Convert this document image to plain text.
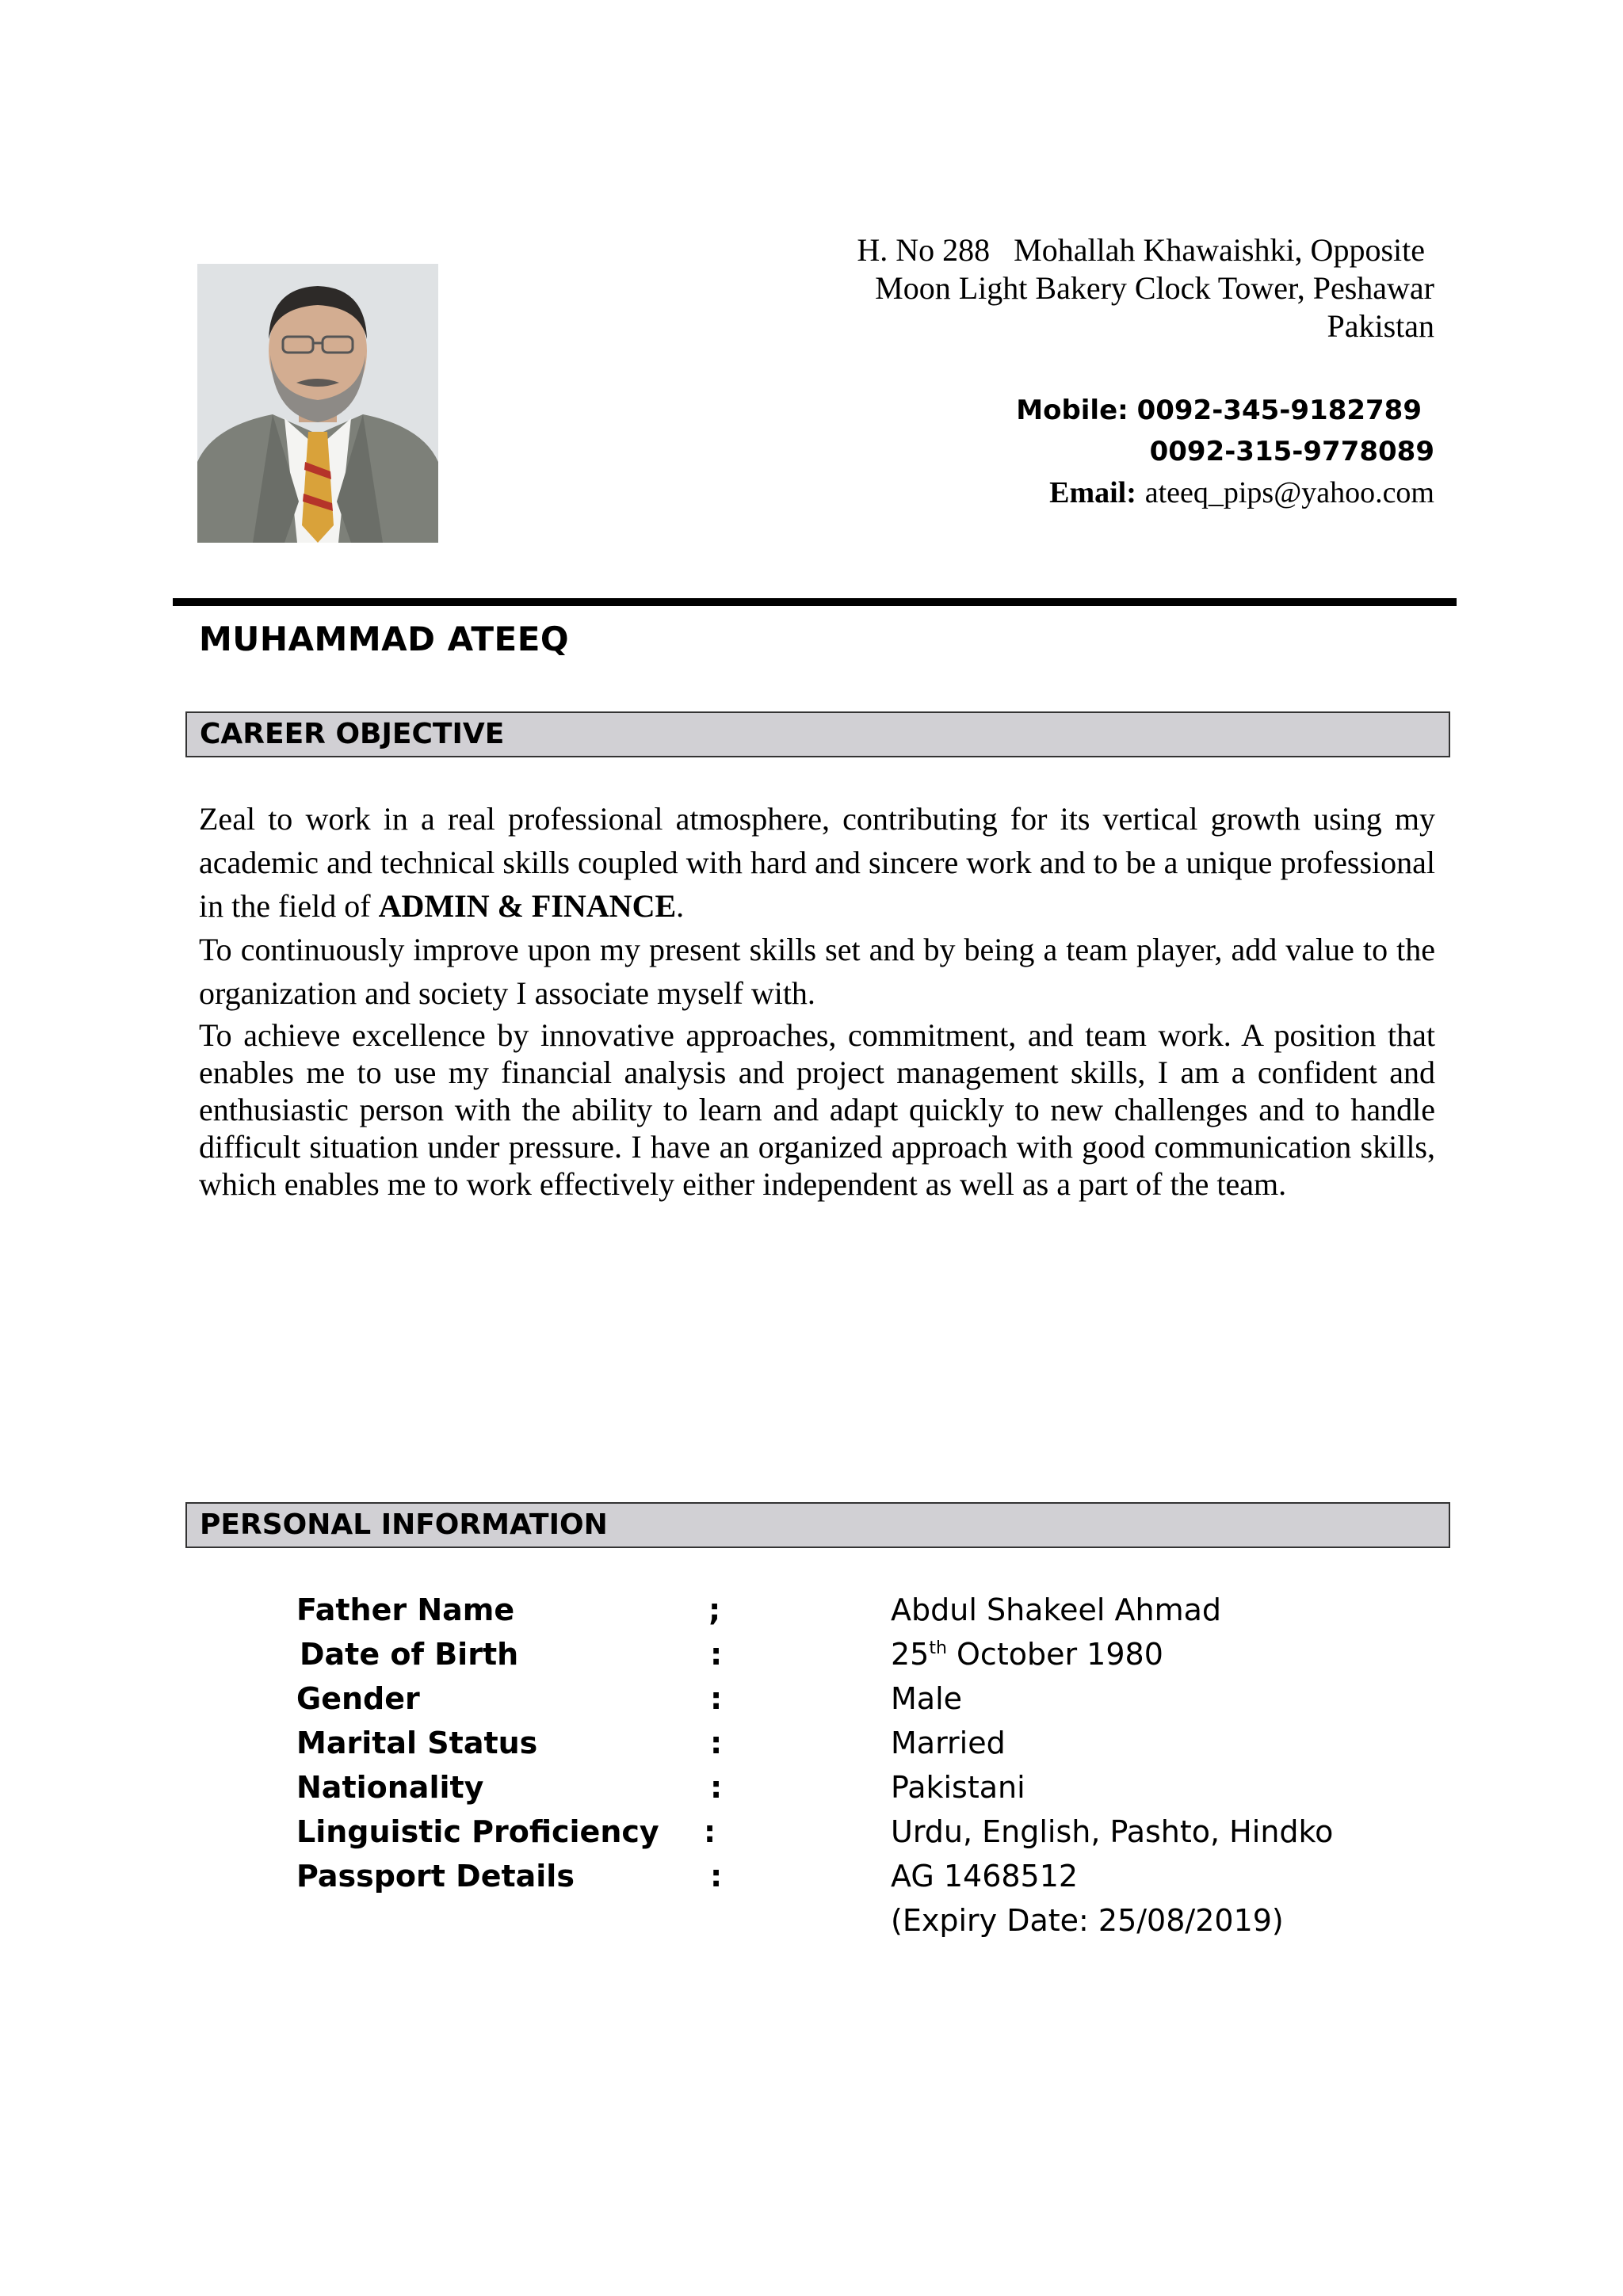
H. No 288   Mohallah Khawaishki, Opposite
Moon Light Bakery Clock Tower, Peshawar
Pakistan
Mobile: 0092-345-9182789
0092-315-9778089
Email: ateeq_pips@yahoo.com
MUHAMMAD ATEEQ
CAREER OBJECTIVE

Zeal to work in a real professional atmosphere, contributing for its vertical growth using my academic and technical skills coupled with hard and sincere work and to be a unique professional in the field of ADMIN & FINANCE.

To continuously improve upon my present skills set and by being a team player, add value to the organization and society I associate myself with.

To achieve excellence by innovative approaches, commitment, and team work. A position that enables me to use my financial analysis and project management skills, I am a confident and enthusiastic person with the ability to learn and adapt quickly to new challenges and to handle difficult situation under pressure. I have an organized approach with good communication skills, which enables me to work effectively either independent as well as a part of the team.

PERSONAL INFORMATION
Father Name	;	Abdul Shakeel Ahmad
Date of Birth	:	25th October 1980
Gender	:	Male
Marital Status	:	Married
Nationality	:	Pakistani
Linguistic Proficiency :	Urdu, English, Pashto, Hindko
Passport Details	:	AG 1468512
(Expiry Date: 25/08/2019)
